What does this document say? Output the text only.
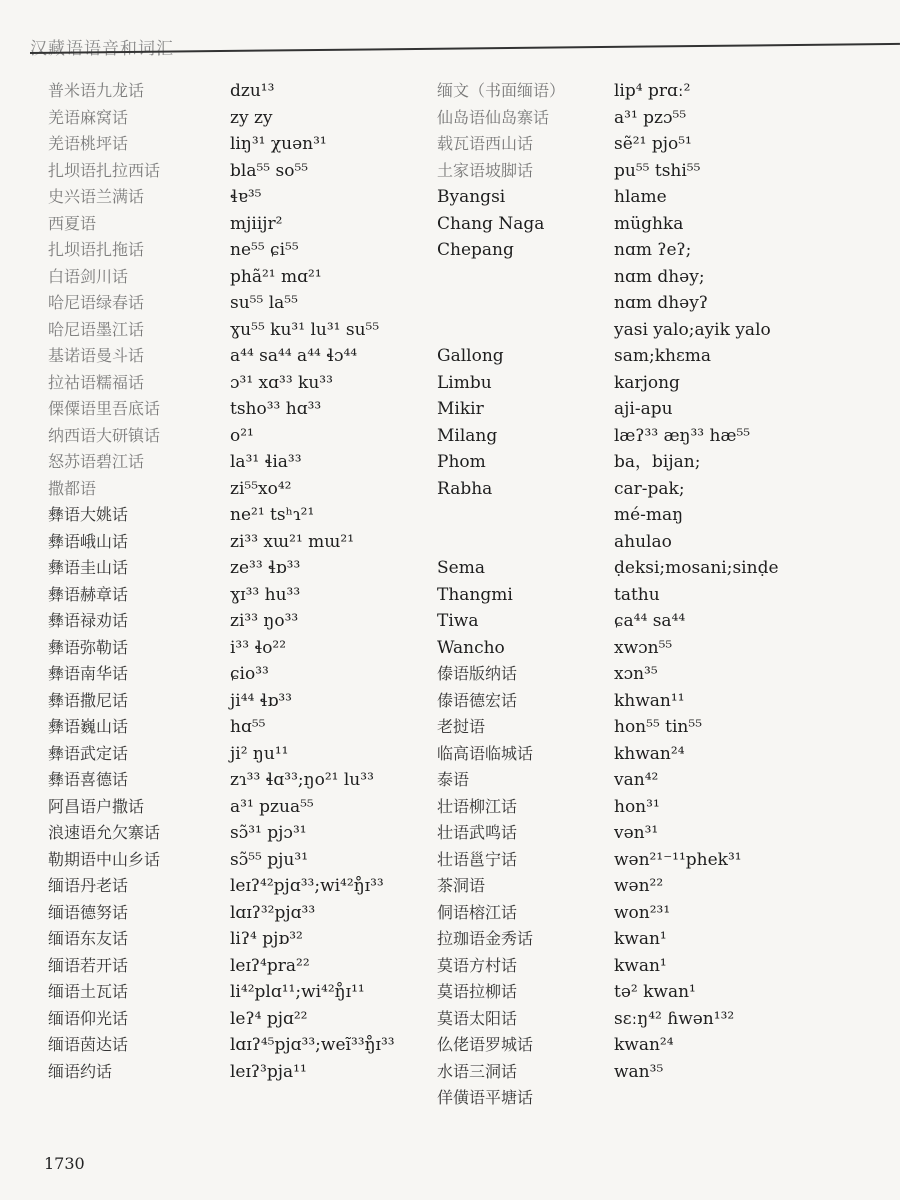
汉藏语语音和词汇
普米语九龙话
羌语麻窝话
羌语桃坪话
扎坝语扎拉西话
史兴语兰满话
西夏语
扎坝语扎拖话
白语剑川话
哈尼语绿春话
哈尼语墨江话
基诺语曼斗话
拉祜语糯福话
傈僳语里吾底话
纳西语大研镇话
怒苏语碧江话
撒都语
彝语大姚话
彝语峨山话
彝语圭山话
彝语赫章话
彝语禄劝话
彝语弥勒话
彝语南华话
彝语撒尼话
彝语巍山话
彝语武定话
彝语喜德话
阿昌语户撒话
浪速语允欠寨话
勒期语中山乡话
缅语丹老话
缅语德努话
缅语东友话
缅语若开话
缅语土瓦话
缅语仰光话
缅语茵达话
缅语约话
dzu¹³
zy zy
liŋ³¹ χuən³¹
bla⁵⁵ so⁵⁵
ɬɐ³⁵
mjiijr²
ne⁵⁵ ɕi⁵⁵
phã²¹ mɑ²¹
su⁵⁵ la⁵⁵
ɣu⁵⁵ ku³¹ lu³¹ su⁵⁵
a⁴⁴ sa⁴⁴ a⁴⁴ ɬɔ⁴⁴
ɔ³¹ xɑ³³ ku³³
tsho³³ hɑ³³
o²¹
la³¹ ɬia³³
zi⁵⁵xo⁴²
ne²¹ tsʰɿ²¹
zi³³ xɯ²¹ mɯ²¹
ze³³ ɬɒ³³
ɣɪ³³ hu³³
zi³³ ŋo³³
i³³ ɬo²²
ɕio³³
ji⁴⁴ ɬɒ³³
hɑ⁵⁵
ji² ŋu¹¹
zɿ³³ ɬɑ³³;ŋo²¹ lu³³
a³¹ pzua⁵⁵
sɔ̃³¹ pjɔ³¹
sɔ̃⁵⁵ pju³¹
leɪʔ⁴²pjɑ³³;wi⁴²ŋ̊ɪ³³
lɑɪʔ³²pjɑ³³
liʔ⁴ pjɒ³²
leɪʔ⁴pra²²
li⁴²plɑ¹¹;wi⁴²ŋ̊ɪ¹¹
leʔ⁴ pjɑ²²
lɑɪʔ⁴⁵pjɑ³³;weĩ³³ŋ̊ɪ³³
leɪʔ³pja¹¹
缅文（书面缅语）
仙岛语仙岛寨话
载瓦语西山话
土家语坡脚话
Byangsi
Chang Naga
Chepang
Gallong
Limbu
Mikir
Milang
Phom
Rabha
Sema
Thangmi
Tiwa
Wancho
傣语版纳话
傣语德宏话
老挝语
临高语临城话
泰语
壮语柳江话
壮语武鸣话
壮语邕宁话
茶洞语
侗语榕江话
拉珈语金秀话
莫语方村话
莫语拉柳话
莫语太阳话
仫佬语罗城话
水语三洞话
佯僙语平塘话
lip⁴ prɑː²
a³¹ pzɔ⁵⁵
sẽ²¹ pjo⁵¹
pu⁵⁵ tshi⁵⁵
hlame
müghka
nɑm ʔeʔ;
nɑm dhəy;
nɑm dhəyʔ
yasi yalo;ayik yalo
sam;khɛma
karjong
aji-apu
læʔ³³ æŋ³³ hæ⁵⁵
ba，bijan;
car-pak;
mé-maŋ
ahulao
ḍeksi;mosani;sinḍe
tathu
ɕa⁴⁴ sa⁴⁴
xwɔn⁵⁵
xɔn³⁵
khwan¹¹
hon⁵⁵ tin⁵⁵
khwan²⁴
van⁴²
hon³¹
vən³¹
wən²¹⁻¹¹phek³¹
wən²²
won²³¹
kwan¹
kwan¹
tə² kwan¹
sɛːŋ⁴² ɦwən¹³²
kwan²⁴
wan³⁵
1730
